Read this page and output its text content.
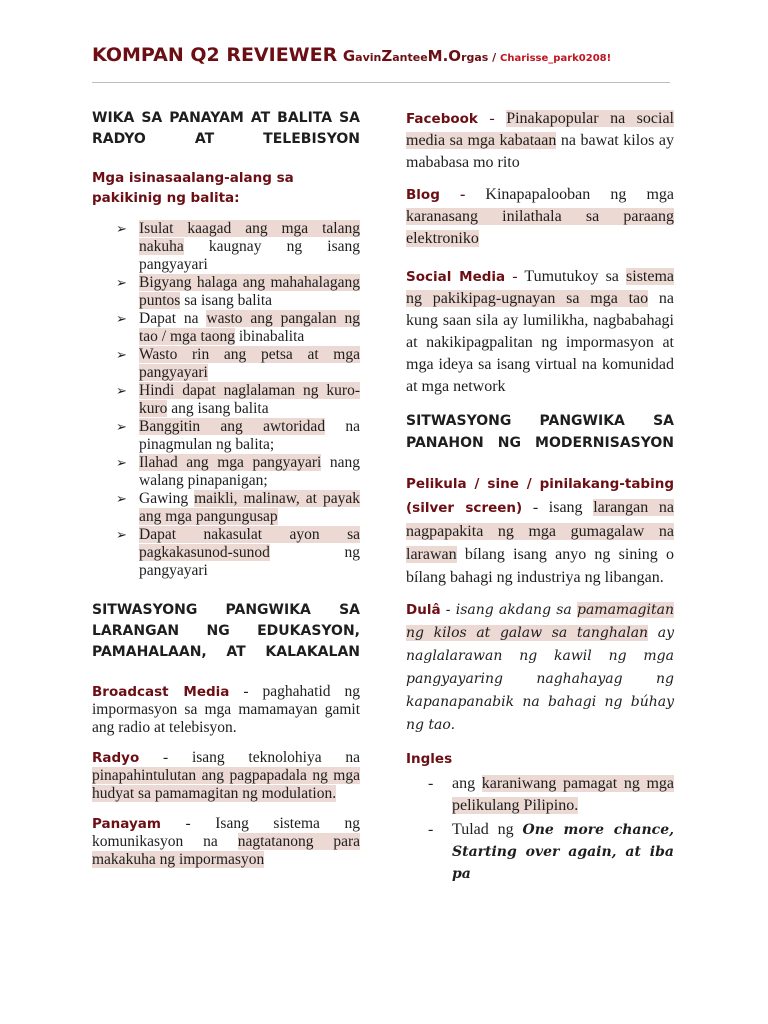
KOMPAN Q2 REVIEWER GavinZanteeM.Orgas / Charisse_park0208!

WIKA SA PANAYAM AT BALITA SA RADYO AT TELEBISYON

Mga isinasaalang-alang sa pakikinig ng balita:

➢ Isulat kaagad ang mga talang nakuha kaugnay ng isang pangyayari
➢ Bigyang halaga ang mahahalagang puntos sa isang balita
➢ Dapat na wasto ang pangalan ng tao / mga taong ibinabalita
➢ Wasto rin ang petsa at mga pangyayari
➢ Hindi dapat naglalaman ng kuro-kuro ang isang balita
➢ Banggitin ang awtoridad na pinagmulan ng balita;
➢ Ilahad ang mga pangyayari nang walang pinapanigan;
➢ Gawing maikli, malinaw, at payak ang mga pangungusap
➢ Dapat nakasulat ayon sa pagkakasunod-sunod ng pangyayari

SITWASYONG PANGWIKA SA LARANGAN NG EDUKASYON, PAMAHALAAN, AT KALAKALAN

Broadcast Media - paghahatid ng impormasyon sa mga mamamayan gamit ang radio at telebisyon.

Radyo - isang teknolohiya na pinapahintulutan ang pagpapadala ng mga hudyat sa pamamagitan ng modulation.

Panayam - Isang sistema ng komunikasyon na nagtatanong para makakuha ng impormasyon

Facebook - Pinakapopular na social media sa mga kabataan na bawat kilos ay mababasa mo rito

Blog - Kinapapalooban ng mga karanasang inilathala sa paraang elektroniko

Social Media - Tumutukoy sa sistema ng pakikipag-ugnayan sa mga tao na kung saan sila ay lumilikha, nagbabahagi at nakikipagpalitan ng impormasyon at mga ideya sa isang virtual na komunidad at mga network

SITWASYONG PANGWIKA SA PANAHON NG MODERNISASYON

Pelikula / sine / pinilakang-tabing (silver screen) - isang larangan na nagpapakita ng mga gumagalaw na larawan bílang isang anyo ng sining o bílang bahagi ng industriya ng libangan.

Dulâ - isang akdang sa pamamagitan ng kilos at galaw sa tanghalan ay naglalarawan ng kawil ng mga pangyayaring naghahayag ng kapanapanabik na bahagi ng búhay ng tao.

Ingles

- ang karaniwang pamagat ng mga pelikulang Pilipino.
- Tulad ng One more chance, Starting over again, at iba pa
